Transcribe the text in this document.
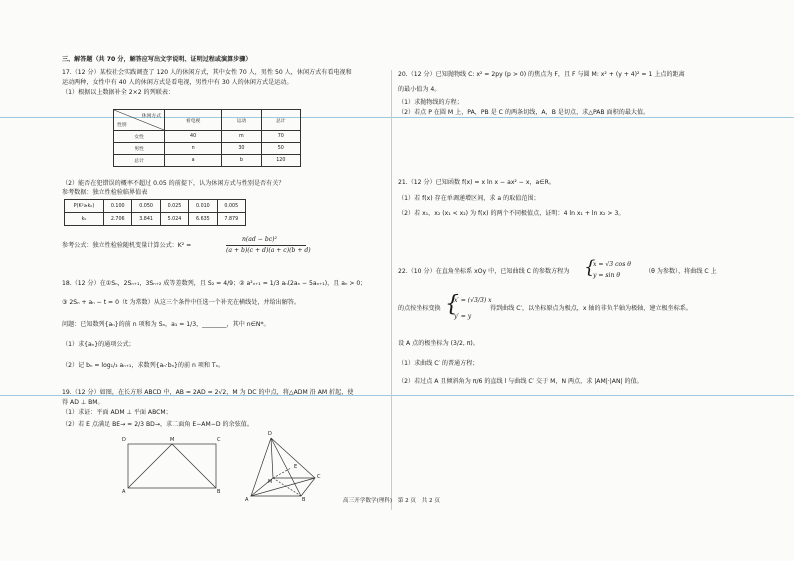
三、解答题（共 70 分，解答应写出文字说明、证明过程或演算步骤）
17.（12 分）某校社会实践调查了 120 人的休闲方式，其中女性 70 人，男性 50 人，休闲方式有看电视和
运动两种，女性中有 40 人的休闲方式是看电视，男性中有 30 人的休闲方式是运动。
（1）根据以上数据补全 2×2 的列联表：
休闲方式
性别	看电视	运动	总计
女性	40	m	70
男性	n	30	50
总计	a	b	120
（2）能否在犯错误的概率不超过 0.05 的前提下，认为休闲方式与性别是否有关？
参考数据：独立性检验临界值表
P(K²≥k₀)	0.100	0.050	0.025	0.010	0.005
k₀	2.706	3.841	5.024	6.635	7.879
参考公式：独立性检验随机变量计算公式：K² =
n(ad − bc)²
(a + b)(c + d)(a + c)(b + d)
18.（12 分）在①Sₙ，2Sₙ₊₁，3Sₙ₊₂ 成等差数列，且 S₂ = 4/9；② a²ₙ₊₁ = 1/3 aₙ(2aₙ − 5aₙ₊₁)，且 aₙ > 0；
③ 2Sₙ + aₙ − t = 0（t 为常数）从这三个条件中任选一个补充在横线处，并给出解答。
问题：已知数列{aₙ}的前 n 项和为 Sₙ，a₁ = 1/3，________，其中 n∈N*。
（1）求{aₙ}的通项公式；
（2）记 bₙ = log₁/₃ aₙ₊₁，求数列{aₙ·bₙ}的前 n 项和 Tₙ。
19.（12 分）如图，在长方形 ABCD 中，AB = 2AD = 2√2，M 为 DC 的中点，将△ADM 沿 AM 折起，使
得 AD ⊥ BM。
（1）求证：平面 ADM ⊥ 平面 ABCM；
（2）若 E 点满足 BE→ = 2/3 BD→，求二面角 E−AM−D 的余弦值。
D	M	C
A	B
D
E
M
C
A	B
20.（12 分）已知抛物线 C: x² = 2py (p > 0) 的焦点为 F，且 F 与圆 M: x² + (y + 4)² = 1 上点的距离
的最小值为 4。
（1）求抛物线的方程；
（2）若点 P 在圆 M 上，PA，PB 是 C 的两条切线，A，B 是切点，求△PAB 面积的最大值。
21.（12 分）已知函数 f(x) = x ln x − ax² − x，a∈R。
（1）若 f(x) 存在单调递增区间，求 a 的取值范围；
（2）若 x₁，x₂ (x₁ < x₂) 为 f(x) 的两个不同极值点，证明：4 ln x₁ + ln x₂ > 3。
22.（10 分）在直角坐标系 xOy 中，已知曲线 C 的参数方程为 {
x = √3 cos θ
y = sin θ
（θ 为参数），将曲线 C 上
的点按坐标变换 {
x′ = (√3/3) x
y′ = y
得到曲线 C′，以坐标原点为极点，x 轴的非负半轴为极轴，建立极坐标系。
设 A 点的极坐标为 (3/2, π)。
（1）求曲线 C′ 的普通方程；
（2）若过点 A 且倾斜角为 π/6 的直线 l 与曲线 C′ 交于 M，N 两点，求 |AM|·|AN| 的值。
高三开学数学(理科)　第 2 页　共 2 页
